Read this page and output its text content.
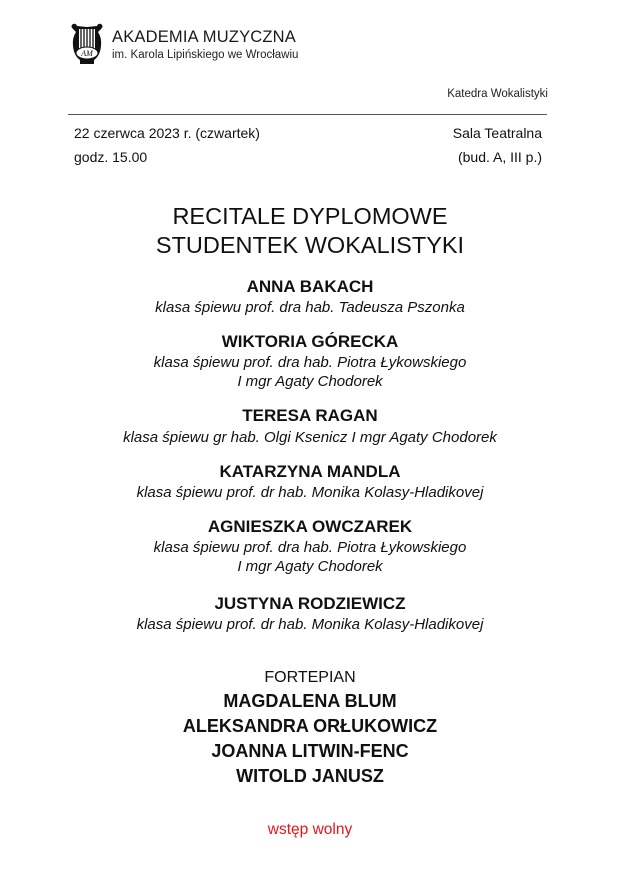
AM
AKADEMIA MUZYCZNA
im. Karola Lipińskiego we Wrocławiu
Katedra Wokalistyki
22 czerwca 2023 r. (czwartek)
godz. 15.00
Sala Teatralna
(bud. A, III p.)
RECITALE DYPLOMOWE
STUDENTEK WOKALISTYKI
ANNA BAKACH
klasa śpiewu prof. dra hab. Tadeusza Pszonka
WIKTORIA GÓRECKA
klasa śpiewu prof. dra hab. Piotra Łykowskiego
I mgr Agaty Chodorek
TERESA RAGAN
klasa śpiewu gr hab. Olgi Ksenicz I mgr Agaty Chodorek
KATARZYNA MANDLA
klasa śpiewu prof. dr hab. Monika Kolasy-Hladikovej
AGNIESZKA OWCZAREK
klasa śpiewu prof. dra hab. Piotra Łykowskiego
I mgr Agaty Chodorek
JUSTYNA RODZIEWICZ
klasa śpiewu prof. dr hab. Monika Kolasy-Hladikovej
FORTEPIAN
MAGDALENA BLUM
ALEKSANDRA ORŁUKOWICZ
JOANNA LITWIN-FENC
WITOLD JANUSZ
wstęp wolny
